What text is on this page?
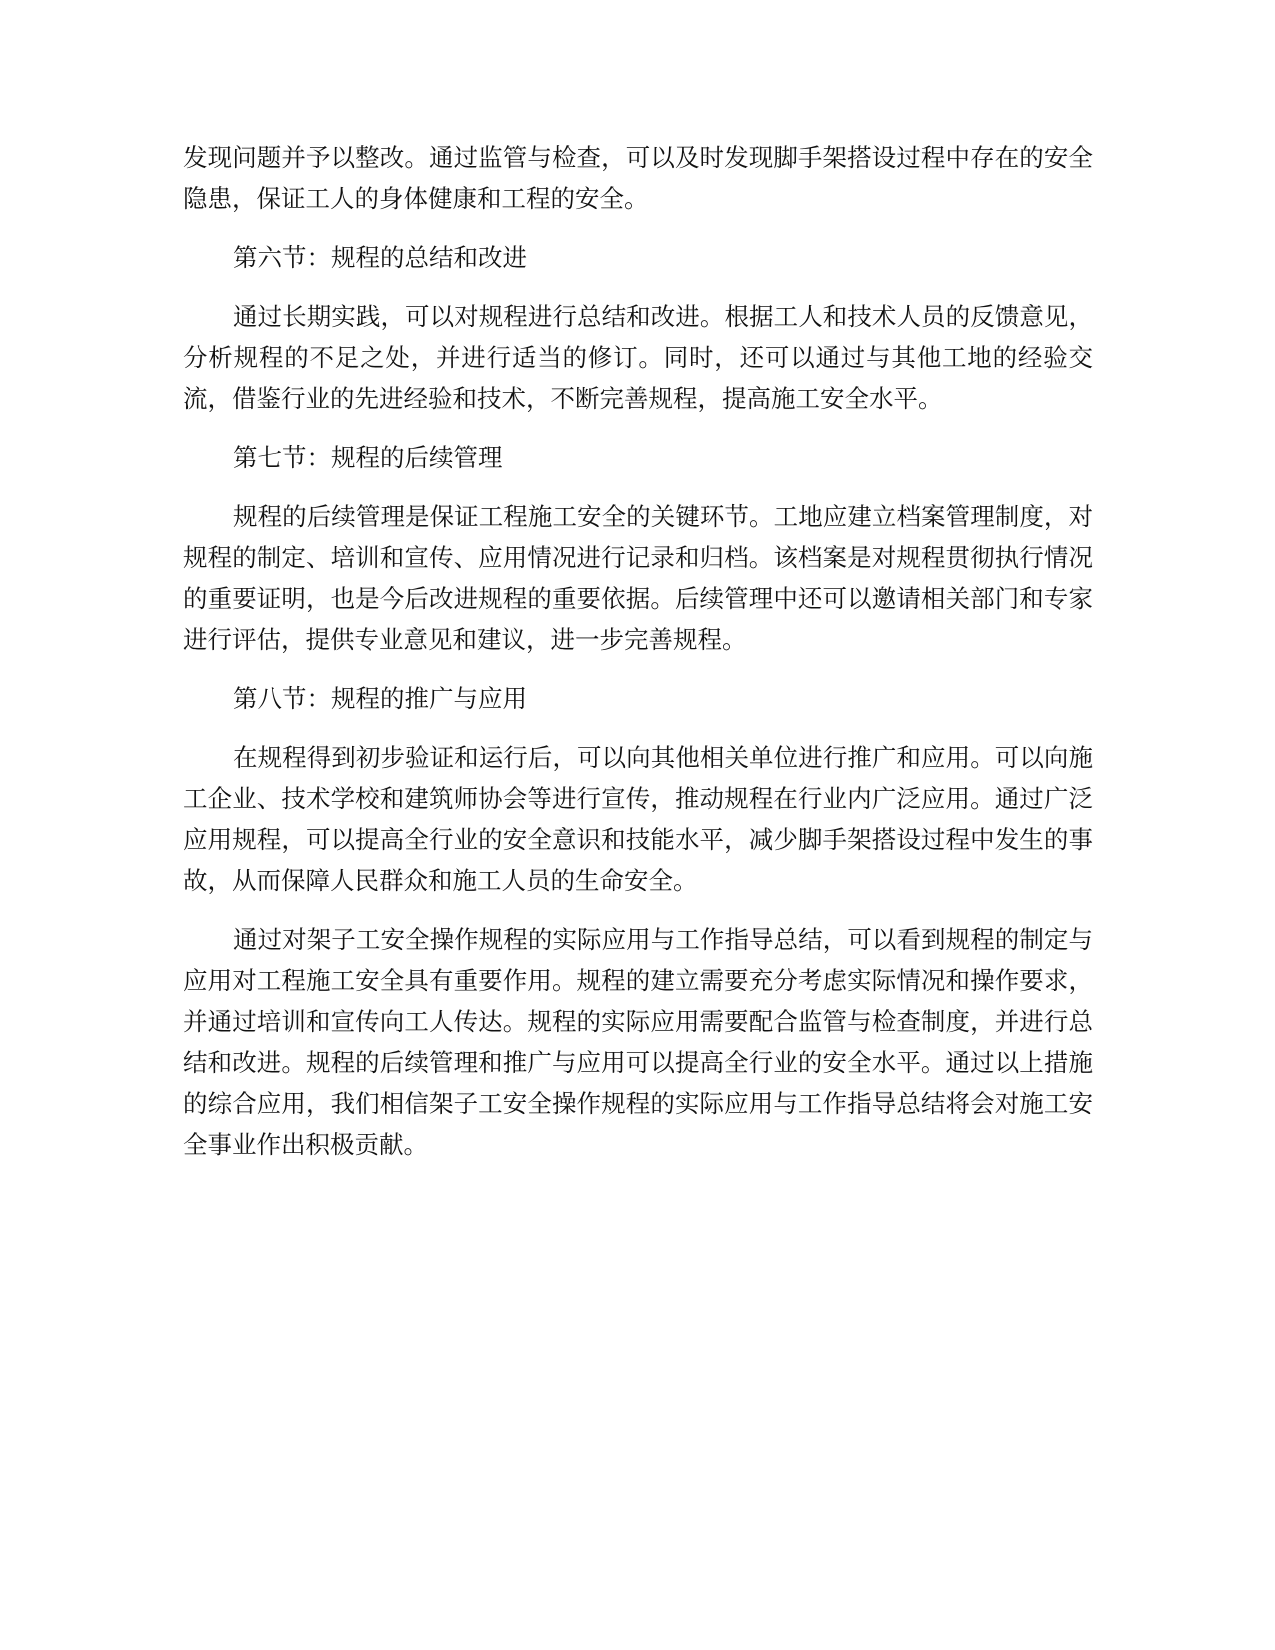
发现问题并予以整改。通过监管与检查，可以及时发现脚手架搭设过程中存在的安全隐患，保证工人的身体健康和工程的安全。

第六节：规程的总结和改进

通过长期实践，可以对规程进行总结和改进。根据工人和技术人员的反馈意见，分析规程的不足之处，并进行适当的修订。同时，还可以通过与其他工地的经验交流，借鉴行业的先进经验和技术，不断完善规程，提高施工安全水平。

第七节：规程的后续管理

规程的后续管理是保证工程施工安全的关键环节。工地应建立档案管理制度，对规程的制定、培训和宣传、应用情况进行记录和归档。该档案是对规程贯彻执行情况的重要证明，也是今后改进规程的重要依据。后续管理中还可以邀请相关部门和专家进行评估，提供专业意见和建议，进一步完善规程。

第八节：规程的推广与应用

在规程得到初步验证和运行后，可以向其他相关单位进行推广和应用。可以向施工企业、技术学校和建筑师协会等进行宣传，推动规程在行业内广泛应用。通过广泛应用规程，可以提高全行业的安全意识和技能水平，减少脚手架搭设过程中发生的事故，从而保障人民群众和施工人员的生命安全。

通过对架子工安全操作规程的实际应用与工作指导总结，可以看到规程的制定与应用对工程施工安全具有重要作用。规程的建立需要充分考虑实际情况和操作要求，并通过培训和宣传向工人传达。规程的实际应用需要配合监管与检查制度，并进行总结和改进。规程的后续管理和推广与应用可以提高全行业的安全水平。通过以上措施的综合应用，我们相信架子工安全操作规程的实际应用与工作指导总结将会对施工安全事业作出积极贡献。
